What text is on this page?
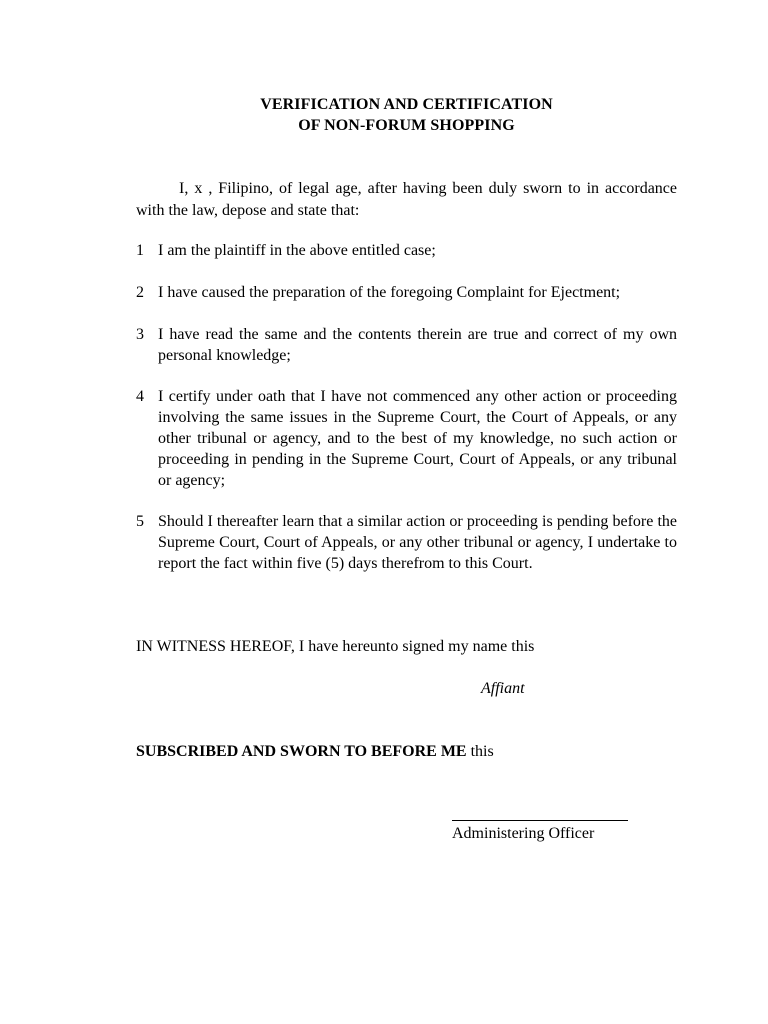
VERIFICATION AND CERTIFICATION
OF NON-FORUM SHOPPING
I, x , Filipino, of legal age, after having been duly sworn to in accordance with the law, depose and state that:
1 I am the plaintiff in the above entitled case;
2 I have caused the preparation of the foregoing Complaint for Ejectment;
3 I have read the same and the contents therein are true and correct of my own personal knowledge;
4 I certify under oath that I have not commenced any other action or proceeding involving the same issues in the Supreme Court, the Court of Appeals, or any other tribunal or agency, and to the best of my knowledge, no such action or proceeding in pending in the Supreme Court, Court of Appeals, or any tribunal or agency;
5 Should I thereafter learn that a similar action or proceeding is pending before the Supreme Court, Court of Appeals, or any other tribunal or agency, I undertake to report the fact within five (5) days therefrom to this Court.
IN WITNESS HEREOF, I have hereunto signed my name this
Affiant
SUBSCRIBED AND SWORN TO BEFORE ME this
Administering Officer
